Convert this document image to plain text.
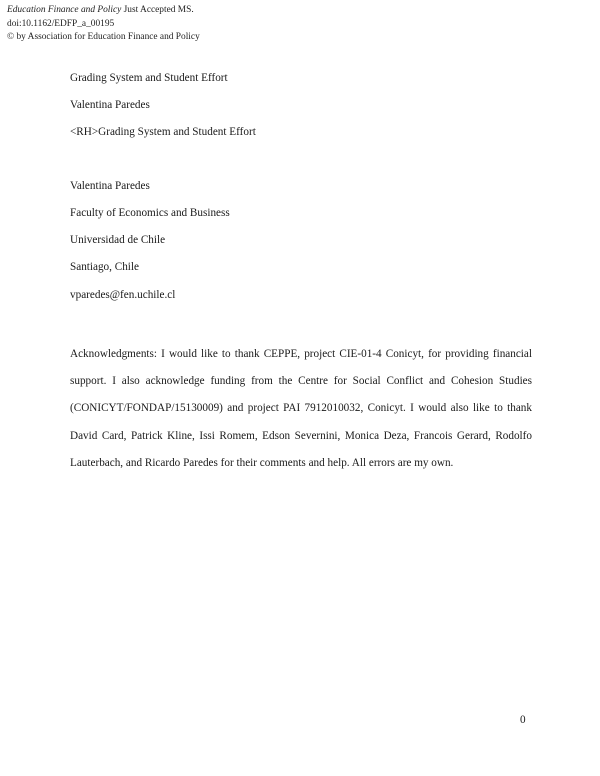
Education Finance and Policy Just Accepted MS.
doi:10.1162/EDFP_a_00195
© by Association for Education Finance and Policy
Grading System and Student Effort
Valentina Paredes
<RH>Grading System and Student Effort
Valentina Paredes
Faculty of Economics and Business
Universidad de Chile
Santiago, Chile
vparedes@fen.uchile.cl
Acknowledgments: I would like to thank CEPPE, project CIE-01-4 Conicyt, for providing financial support. I also acknowledge funding from the Centre for Social Conflict and Cohesion Studies (CONICYT/FONDAP/15130009) and project PAI 7912010032, Conicyt. I would also like to thank David Card, Patrick Kline, Issi Romem, Edson Severnini, Monica Deza, Francois Gerard, Rodolfo Lauterbach, and Ricardo Paredes for their comments and help. All errors are my own.
0
